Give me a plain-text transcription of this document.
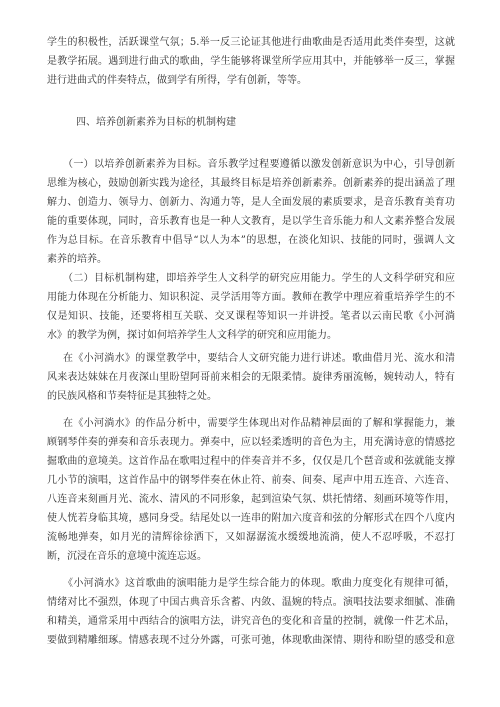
学生的积极性，活跃课堂气氛；5.举一反三论证其他进行曲歌曲是否适用此类伴奏型，这就
是教学拓展。遇到进行曲式的歌曲，学生能够将课堂所学应用其中，并能够举一反三，掌握
进行进曲式的伴奏特点，做到学有所得，学有创新，等等。
四、培养创新素养为目标的机制构建
（一）以培养创新素养为目标。音乐教学过程要遵循以激发创新意识为中心，引导创新
思维为核心，鼓励创新实践为途径，其最终目标是培养创新素养。创新素养的提出涵盖了理
解力、创造力、领导力、创新力、沟通力等，是人全面发展的素质要求，是音乐教育美育功
能的重要体现，同时，音乐教育也是一种人文教育，是以学生音乐能力和人文素养整合发展
作为总目标。在音乐教育中倡导“以人为本”的思想，在淡化知识、技能的同时，强调人文
素养的培养。
（二）目标机制构建，即培养学生人文科学的研究应用能力。学生的人文科学研究和应
用能力体现在分析能力、知识积淀、灵学活用等方面。教师在教学中理应着重培养学生的不
仅是知识、技能，还要将相互关联、交叉课程等知识一并讲授。笔者以云南民歌《小河淌
水》的教学为例，探讨如何培养学生人文科学的研究和应用能力。
在《小河淌水》的课堂教学中，要结合人文研究能力进行讲述。歌曲借月光、流水和清
风来表达妹妹在月夜深山里盼望阿哥前来相会的无限柔情。旋律秀丽流畅，婉转动人，特有
的民族风格和节奏特征是其独特之处。
在《小河淌水》的作品分析中，需要学生体现出对作品精神层面的了解和掌握能力，兼
顾钢琴伴奏的弹奏和音乐表现力。弹奏中，应以轻柔透明的音色为主，用充满诗意的情感挖
掘歌曲的意境美。这首作品在歌唱过程中的伴奏音并不多，仅仅是几个琶音或和弦就能支撑
几小节的演唱，这首作品中的钢琴伴奏在休止符、前奏、间奏、尾声中用五连音、六连音、
八连音来刻画月光、流水、清风的不同形象，起到渲染气氛、烘托情绪、刻画环境等作用，
使人恍若身临其境，感同身受。结尾处以一连串的附加六度音和弦的分解形式在四个八度内
流畅地弹奏，如月光的清辉徐徐洒下，又如潺潺流水缓缓地流淌，使人不忍呼吸，不忍打
断，沉浸在音乐的意境中流连忘返。
《小河淌水》这首歌曲的演唱能力是学生综合能力的体现。歌曲力度变化有规律可循，
情绪对比不强烈，体现了中国古典音乐含蓄、内敛、温婉的特点。演唱技法要求细腻、准确
和精美，通常采用中西结合的演唱方法，讲究音色的变化和音量的控制，就像一件艺术品，
要做到精雕细琢。情感表现不过分外露，可张可弛，体现歌曲深情、期待和盼望的感受和意
